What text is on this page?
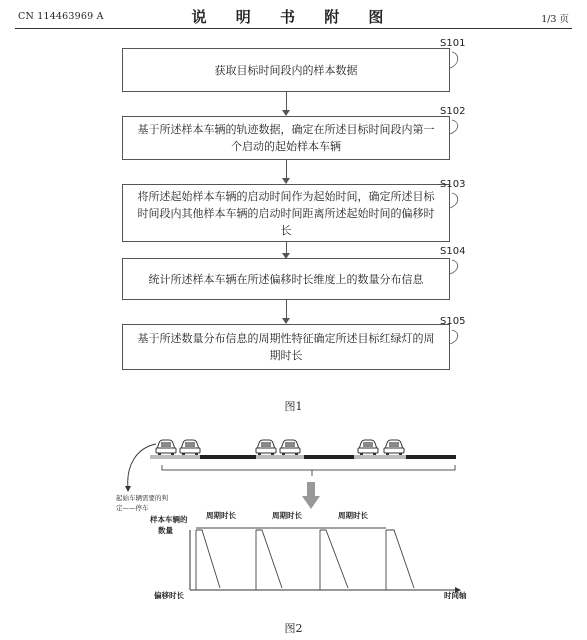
CN 114463969 A	说 明 书 附 图	1/3 页
获取目标时间段内的样本数据
S101
基于所述样本车辆的轨迹数据，确定在所述目标时间段内第一个启动的起始样本车辆
S102
将所述起始样本车辆的启动时间作为起始时间，确定所述目标时间段内其他样本车辆的启动时间距离所述起始时间的偏移时长
S103
统计所述样本车辆在所述偏移时长维度上的数量分布信息
S104
基于所述数量分布信息的周期性特征确定所述目标红绿灯的周期时长
S105
图1
起始车辆需要的判
定——停车
样本车辆的
数量
周期时长	周期时长	周期时长
偏移时长	时间轴
图2
